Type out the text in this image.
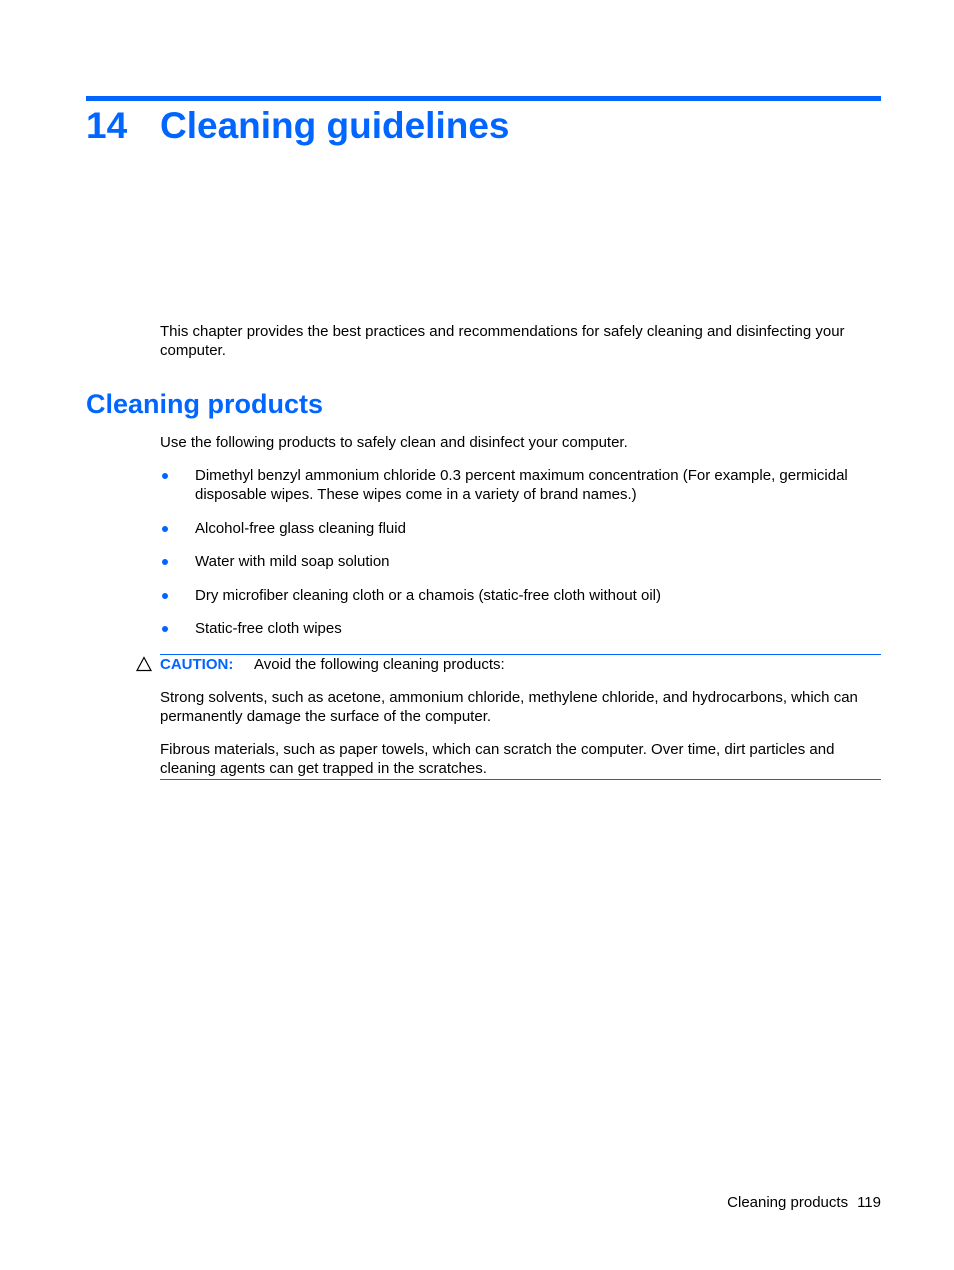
14 Cleaning guidelines

This chapter provides the best practices and recommendations for safely cleaning and disinfecting your computer.

Cleaning products

Use the following products to safely clean and disinfect your computer.

Dimethyl benzyl ammonium chloride 0.3 percent maximum concentration (For example, germicidal disposable wipes. These wipes come in a variety of brand names.)
Alcohol-free glass cleaning fluid
Water with mild soap solution
Dry microfiber cleaning cloth or a chamois (static-free cloth without oil)
Static-free cloth wipes

CAUTION: Avoid the following cleaning products:

Strong solvents, such as acetone, ammonium chloride, methylene chloride, and hydrocarbons, which can permanently damage the surface of the computer.

Fibrous materials, such as paper towels, which can scratch the computer. Over time, dirt particles and cleaning agents can get trapped in the scratches.

Cleaning products 119
